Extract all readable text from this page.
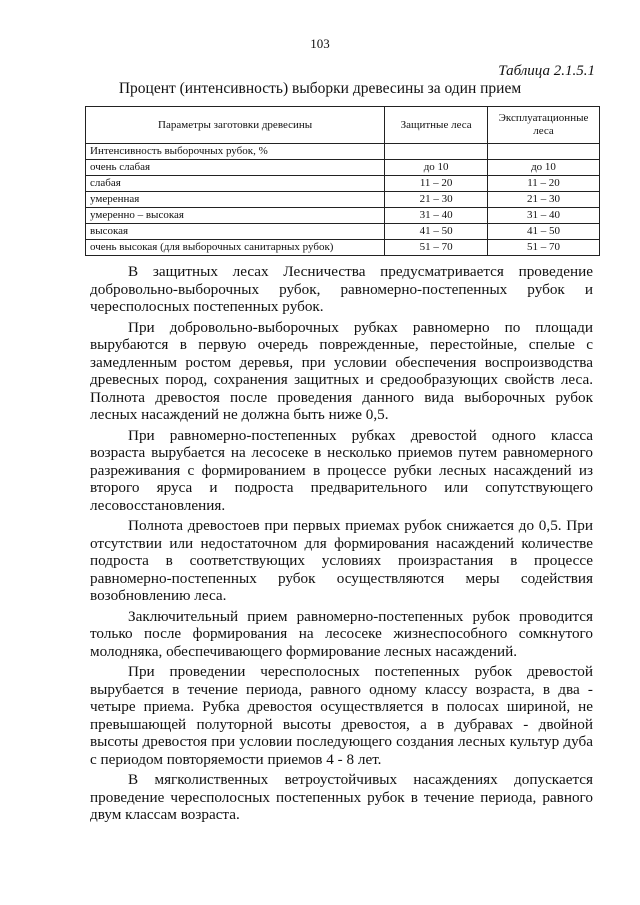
103
Таблица 2.1.5.1
Процент (интенсивность) выборки древесины за один прием
Параметры заготовки древесины	Защитные леса	Эксплуатационные леса
Интенсивность выборочных рубок, %		
очень слабая	до 10	до 10
слабая	11 – 20	11 – 20
умеренная	21 – 30	21 – 30
умеренно – высокая	31 – 40	31 – 40
высокая	41 – 50	41 – 50
очень высокая (для выборочных санитарных рубок)	51 – 70	51 – 70

В защитных лесах Лесничества предусматривается проведение добровольно-выборочных рубок, равномерно-постепенных рубок и чересполосных постепенных рубок.

При добровольно-выборочных рубках равномерно по площади вырубаются в первую очередь поврежденные, перестойные, спелые с замедленным ростом деревья, при условии обеспечения воспроизводства древесных пород, сохранения защитных и средообразующих свойств леса. Полнота древостоя после проведения данного вида выборочных рубок лесных насаждений не должна быть ниже 0,5.

При равномерно-постепенных рубках древостой одного класса возраста вырубается на лесосеке в несколько приемов путем равномерного разреживания с формированием в процессе рубки лесных насаждений из второго яруса и подроста предварительного или сопутствующего лесовосстановления.

Полнота древостоев при первых приемах рубок снижается до 0,5. При отсутствии или недостаточном для формирования насаждений количестве подроста в соответствующих условиях произрастания в процессе равномерно-постепенных рубок осуществляются меры содействия возобновлению леса.

Заключительный прием равномерно-постепенных рубок проводится только после формирования на лесосеке жизнеспособного сомкнутого молодняка, обеспечивающего формирование лесных насаждений.

При проведении чересполосных постепенных рубок древостой вырубается в течение периода, равного одному классу возраста, в два - четыре приема. Рубка древостоя осуществляется в полосах шириной, не превышающей полуторной высоты древостоя, а в дубравах - двойной высоты древостоя при условии последующего создания лесных культур дуба с периодом повторяемости приемов 4 - 8 лет.

В мягколиственных ветроустойчивых насаждениях допускается проведение чересполосных постепенных рубок в течение периода, равного двум классам возраста.
